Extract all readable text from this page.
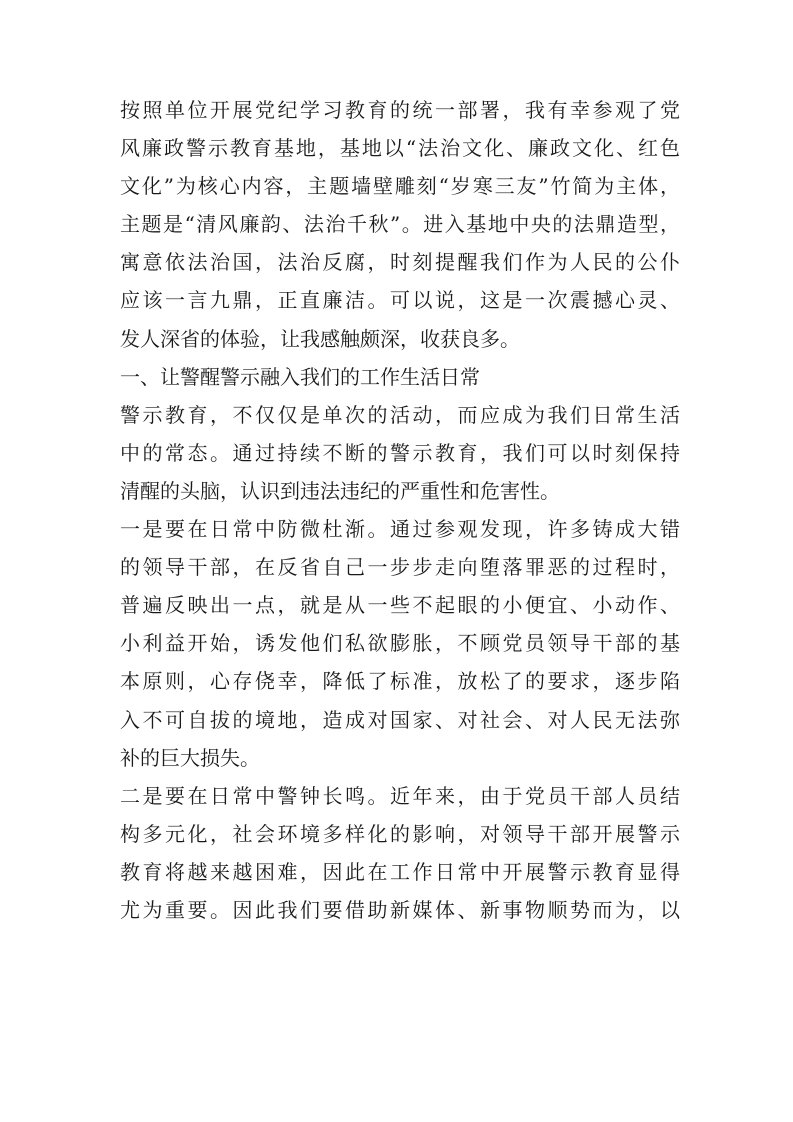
按照单位开展党纪学习教育的统一部署，我有幸参观了党
风廉政警示教育基地，基地以“法治文化、廉政文化、红色
文化”为核心内容，主题墙壁雕刻“岁寒三友”竹简为主体，
主题是“清风廉韵、法治千秋”。进入基地中央的法鼎造型，
寓意依法治国，法治反腐，时刻提醒我们作为人民的公仆
应该一言九鼎，正直廉洁。可以说，这是一次震撼心灵、
发人深省的体验，让我感触颇深，收获良多。
一、让警醒警示融入我们的工作生活日常
警示教育，不仅仅是单次的活动，而应成为我们日常生活
中的常态。通过持续不断的警示教育，我们可以时刻保持
清醒的头脑，认识到违法违纪的严重性和危害性。
一是要在日常中防微杜渐。通过参观发现，许多铸成大错
的领导干部，在反省自己一步步走向堕落罪恶的过程时，
普遍反映出一点，就是从一些不起眼的小便宜、小动作、
小利益开始，诱发他们私欲膨胀，不顾党员领导干部的基
本原则，心存侥幸，降低了标准，放松了的要求，逐步陷
入不可自拔的境地，造成对国家、对社会、对人民无法弥
补的巨大损失。
二是要在日常中警钟长鸣。近年来，由于党员干部人员结
构多元化，社会环境多样化的影响，对领导干部开展警示
教育将越来越困难，因此在工作日常中开展警示教育显得
尤为重要。因此我们要借助新媒体、新事物顺势而为，以
